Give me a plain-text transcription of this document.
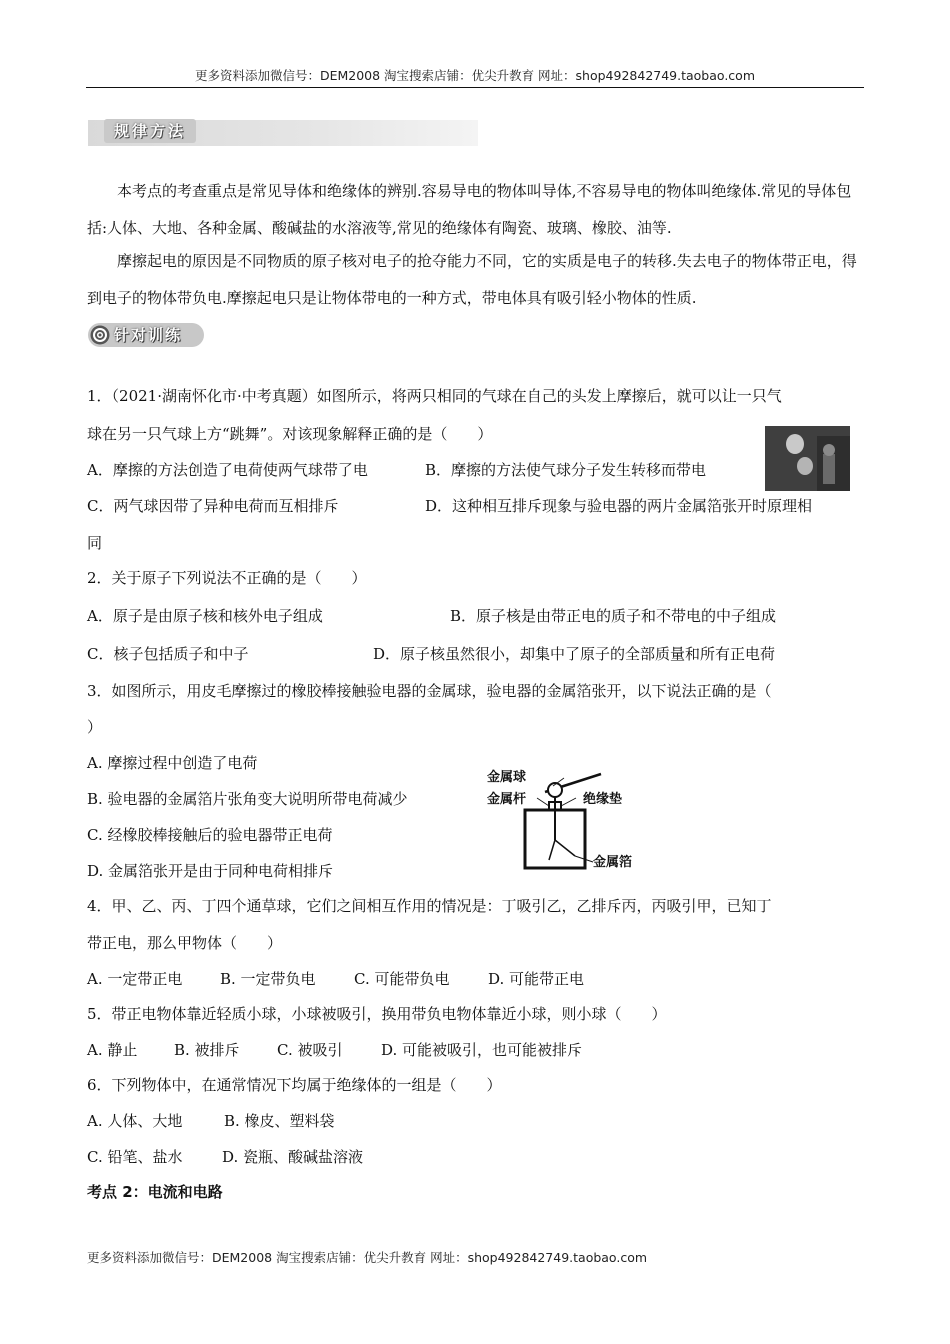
更多资料添加微信号：DEM2008 淘宝搜索店铺：优尖升教育 网址：shop492842749.taobao.com
规律方法
本考点的考查重点是常见导体和绝缘体的辨别.容易导电的物体叫导体,不容易导电的物体叫绝缘体.常见的导体包括:人体、大地、各种金属、酸碱盐的水溶液等,常见的绝缘体有陶瓷、玻璃、橡胶、油等.
摩擦起电的原因是不同物质的原子核对电子的抢夺能力不同，它的实质是电子的转移.失去电子的物体带正电，得到电子的物体带负电.摩擦起电只是让物体带电的一种方式，带电体具有吸引轻小物体的性质.
针对训练
1．（2021·湖南怀化市·中考真题）如图所示，将两只相同的气球在自己的头发上摩擦后，就可以让一只气
球在另一只气球上方“跳舞”。对该现象解释正确的是（　　）
A．摩擦的方法创造了电荷使两气球带了电	B．摩擦的方法使气球分子发生转移而带电
C．两气球因带了异种电荷而互相排斥	D．这种相互排斥现象与验电器的两片金属箔张开时原理相
同
2．关于原子下列说法不正确的是（　　）
A．原子是由原子核和核外电子组成	B．原子核是由带正电的质子和不带电的中子组成
C．核子包括质子和中子	D．原子核虽然很小，却集中了原子的全部质量和所有正电荷
3．如图所示，用皮毛摩擦过的橡胶棒接触验电器的金属球，验电器的金属箔张开，以下说法正确的是（
）
A. 摩擦过程中创造了电荷
B. 验电器的金属箔片张角变大说明所带电荷减少
C. 经橡胶棒接触后的验电器带正电荷
D. 金属箔张开是由于同种电荷相排斥
金属球
金属杆	绝缘垫
金属箔
4．甲、乙、丙、丁四个通草球，它们之间相互作用的情况是：丁吸引乙，乙排斥丙，丙吸引甲，已知丁
带正电，那么甲物体（　　）
A. 一定带正电	B. 一定带负电	C. 可能带负电	D. 可能带正电
5．带正电物体靠近轻质小球，小球被吸引，换用带负电物体靠近小球，则小球（　　）
A. 静止 B. 被排斥 C. 被吸引	D. 可能被吸引，也可能被排斥
6．下列物体中，在通常情况下均属于绝缘体的一组是（　　）
A. 人体、大地	B. 橡皮、塑料袋
C. 铅笔、盐水	D. 瓷瓶、酸碱盐溶液
考点 2：电流和电路
更多资料添加微信号：DEM2008 淘宝搜索店铺：优尖升教育 网址：shop492842749.taobao.com
